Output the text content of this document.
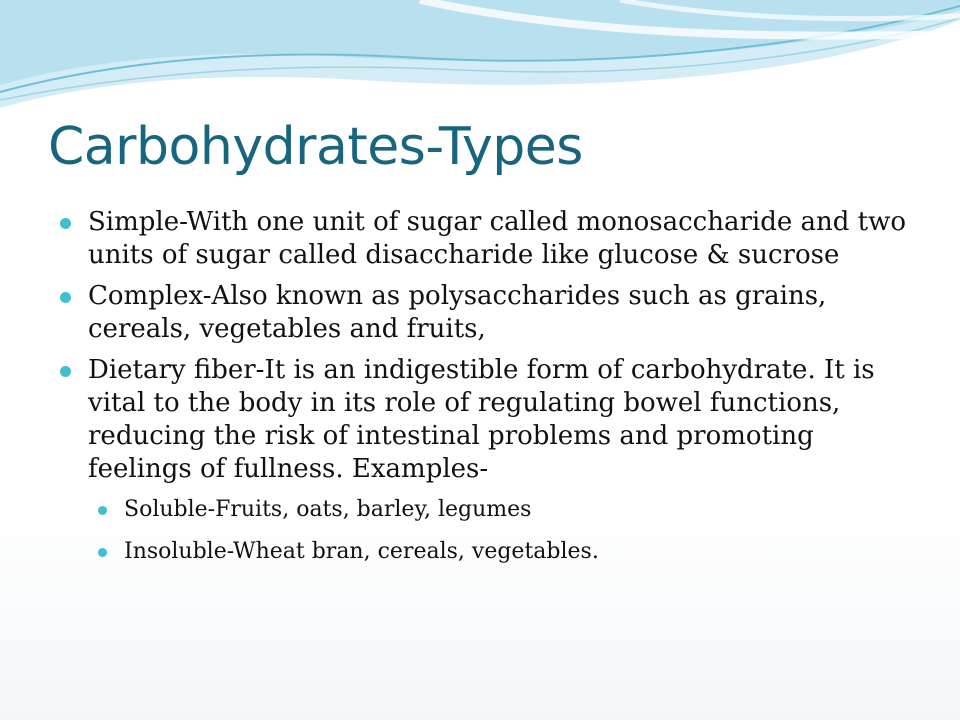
Carbohydrates-Types
Simple-With one unit of sugar called monosaccharide and two units of sugar called disaccharide like glucose & sucrose
Complex-Also known as polysaccharides such as grains, cereals, vegetables and fruits,
Dietary fiber-It is an indigestible form of carbohydrate. It is vital to the body in its role of regulating bowel functions, reducing the risk of intestinal problems and promoting feelings of fullness. Examples-
Soluble-Fruits, oats, barley, legumes
Insoluble-Wheat bran, cereals, vegetables.
